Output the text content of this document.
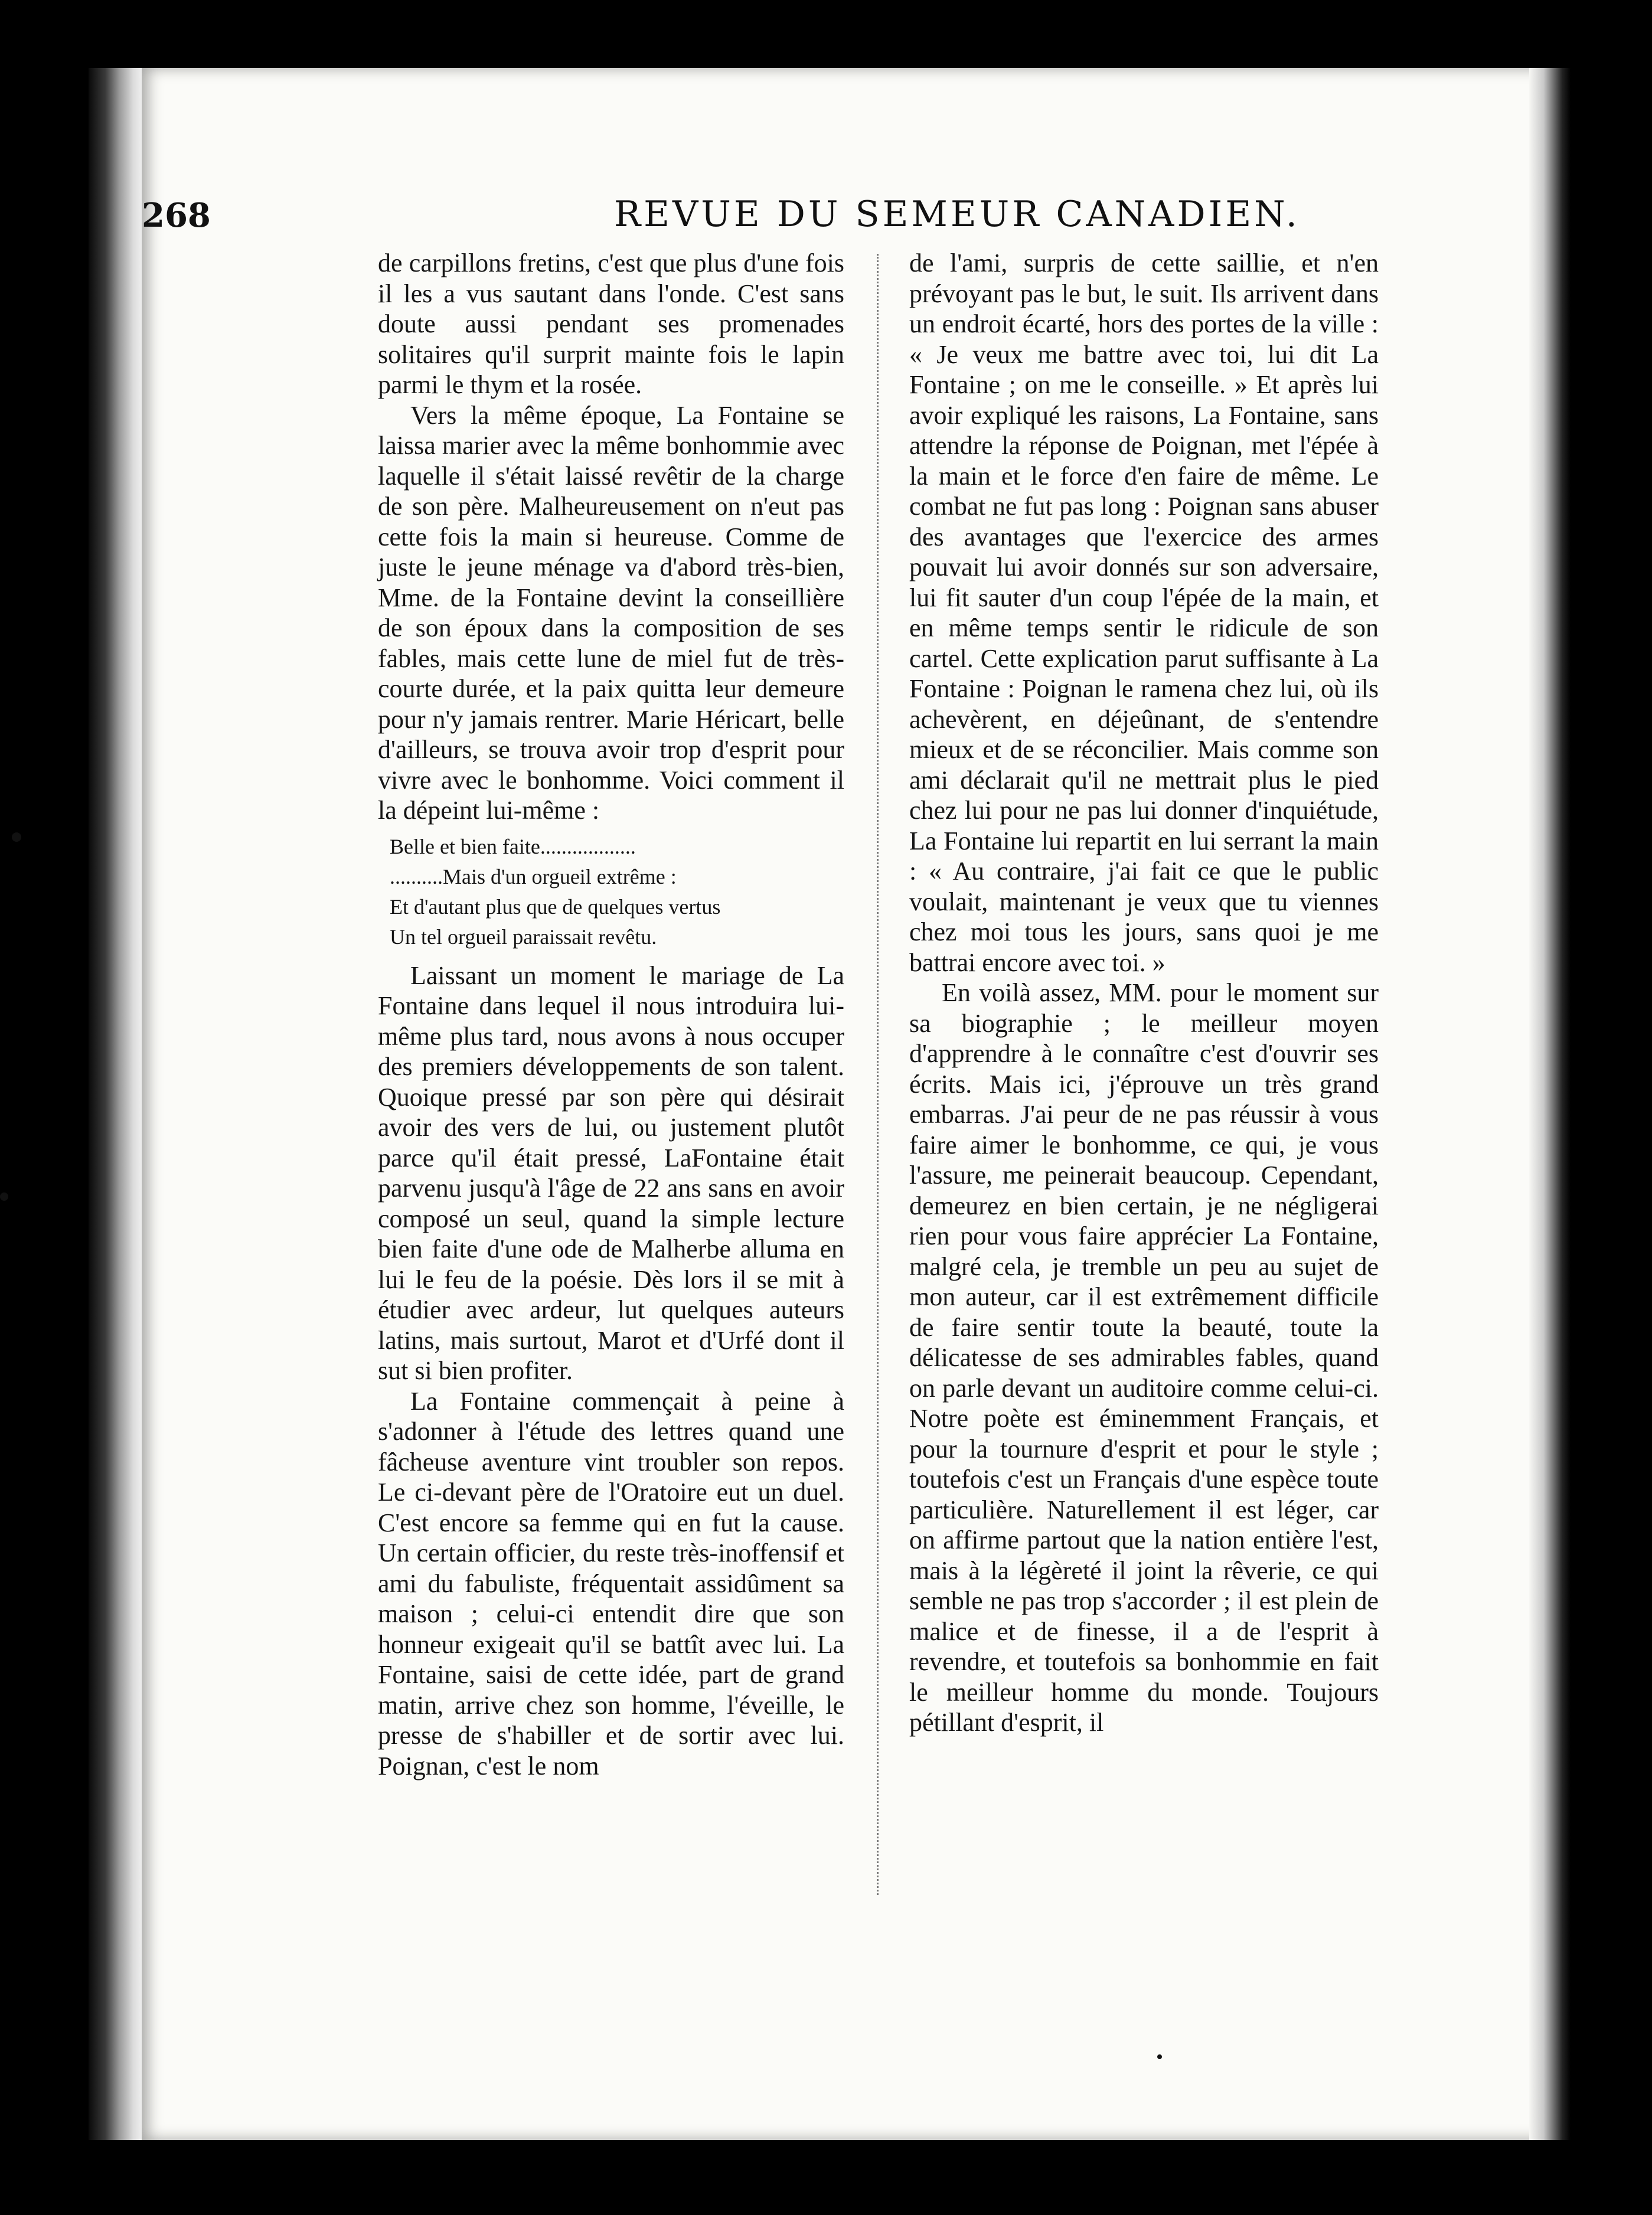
268	REVUE DU SEMEUR CANADIEN.

de carpillons fretins, c'est que plus d'une fois il les a vus sautant dans l'onde. C'est sans doute aussi pendant ses promenades solitaires qu'il surprit mainte fois le lapin parmi le thym et la rosée.

Vers la même époque, La Fontaine se laissa marier avec la même bonhommie avec laquelle il s'était laissé revêtir de la charge de son père. Malheureusement on n'eut pas cette fois la main si heureuse. Comme de juste le jeune ménage va d'abord très-bien, Mme. de la Fontaine devint la conseillière de son époux dans la composition de ses fables, mais cette lune de miel fut de très-courte durée, et la paix quitta leur demeure pour n'y jamais rentrer. Marie Héricart, belle d'ailleurs, se trouva avoir trop d'esprit pour vivre avec le bonhomme. Voici comment il la dépeint lui-même :

Belle et bien faite..................
..........Mais d'un orgueil extrême :
Et d'autant plus que de quelques vertus
Un tel orgueil paraissait revêtu.

Laissant un moment le mariage de La Fontaine dans lequel il nous introduira lui-même plus tard, nous avons à nous occuper des premiers développements de son talent. Quoique pressé par son père qui désirait avoir des vers de lui, ou justement plutôt parce qu'il était pressé, LaFontaine était parvenu jusqu'à l'âge de 22 ans sans en avoir composé un seul, quand la simple lecture bien faite d'une ode de Malherbe alluma en lui le feu de la poésie. Dès lors il se mit à étudier avec ardeur, lut quelques auteurs latins, mais surtout, Marot et d'Urfé dont il sut si bien profiter.

La Fontaine commençait à peine à s'adonner à l'étude des lettres quand une fâcheuse aventure vint troubler son repos. Le ci-devant père de l'Oratoire eut un duel. C'est encore sa femme qui en fut la cause. Un certain officier, du reste très-inoffensif et ami du fabuliste, fréquentait assidûment sa maison ; celui-ci entendit dire que son honneur exigeait qu'il se battît avec lui. La Fontaine, saisi de cette idée, part de grand matin, arrive chez son homme, l'éveille, le presse de s'habiller et de sortir avec lui. Poignan, c'est le nom

de l'ami, surpris de cette saillie, et n'en prévoyant pas le but, le suit. Ils arrivent dans un endroit écarté, hors des portes de la ville : « Je veux me battre avec toi, lui dit La Fontaine ; on me le conseille. » Et après lui avoir expliqué les raisons, La Fontaine, sans attendre la réponse de Poignan, met l'épée à la main et le force d'en faire de même. Le combat ne fut pas long : Poignan sans abuser des avantages que l'exercice des armes pouvait lui avoir donnés sur son adversaire, lui fit sauter d'un coup l'épée de la main, et en même temps sentir le ridicule de son cartel. Cette explication parut suffisante à La Fontaine : Poignan le ramena chez lui, où ils achevèrent, en déjeûnant, de s'entendre mieux et de se réconcilier. Mais comme son ami déclarait qu'il ne mettrait plus le pied chez lui pour ne pas lui donner d'inquiétude, La Fontaine lui repartit en lui serrant la main : « Au contraire, j'ai fait ce que le public voulait, maintenant je veux que tu viennes chez moi tous les jours, sans quoi je me battrai encore avec toi. »

En voilà assez, MM. pour le moment sur sa biographie ; le meilleur moyen d'apprendre à le connaître c'est d'ouvrir ses écrits. Mais ici, j'éprouve un très grand embarras. J'ai peur de ne pas réussir à vous faire aimer le bonhomme, ce qui, je vous l'assure, me peinerait beaucoup. Cependant, demeurez en bien certain, je ne négligerai rien pour vous faire apprécier La Fontaine, malgré cela, je tremble un peu au sujet de mon auteur, car il est extrêmement difficile de faire sentir toute la beauté, toute la délicatesse de ses admirables fables, quand on parle devant un auditoire comme celui-ci. Notre poète est éminemment Français, et pour la tournure d'esprit et pour le style ; toutefois c'est un Français d'une espèce toute particulière. Naturellement il est léger, car on affirme partout que la nation entière l'est, mais à la légèreté il joint la rêverie, ce qui semble ne pas trop s'accorder ; il est plein de malice et de finesse, il a de l'esprit à revendre, et toutefois sa bonhommie en fait le meilleur homme du monde. Toujours pétillant d'esprit, il
